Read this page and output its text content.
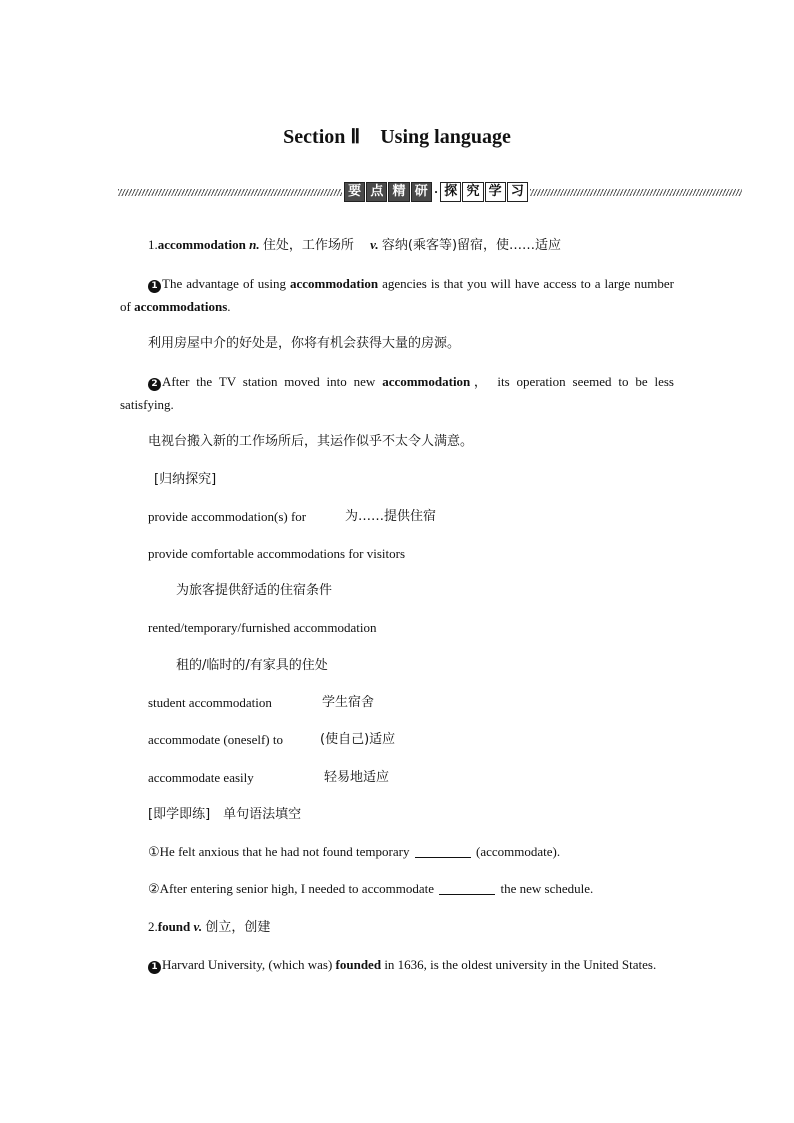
Section Ⅱ　Using language
要 点 精 研 · 探 究 学 习
1.accommodation n. 住处，工作场所　 v. 容纳(乘客等)留宿，使……适应
1 The advantage of using accommodation agencies is that you will have access to a large number of accommodations.
利用房屋中介的好处是，你将有机会获得大量的房源。
2 After the TV station moved into new accommodation， its operation seemed to be less satisfying.
电视台搬入新的工作场所后，其运作似乎不太令人满意。
[归纳探究]
provide accommodation(s) for	为……提供住宿
provide comfortable accommodations for visitors
为旅客提供舒适的住宿条件
rented/temporary/furnished accommodation
租的/临时的/有家具的住处
student accommodation	学生宿舍
accommodate (oneself) to	(使自己)适应
accommodate easily	轻易地适应
[即学即练]　 单句语法填空
①He felt anxious that he had not found temporary	(accommodate).
②After entering senior high, I needed to accommodate	the new schedule.
2.found v. 创立，创建
1 Harvard University, (which was) founded in 1636, is the oldest university in the United States.
